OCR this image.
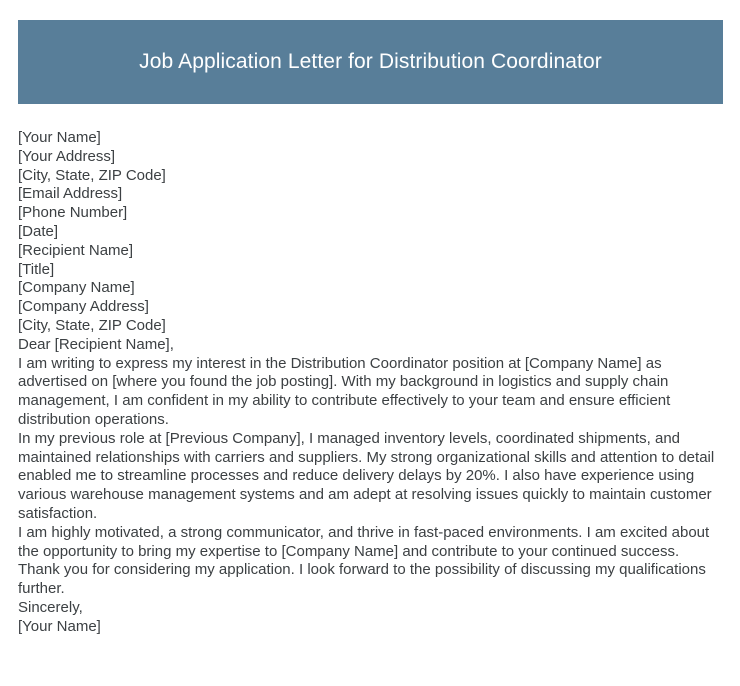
Job Application Letter for Distribution Coordinator

[Your Name]

[Your Address]

[City, State, ZIP Code]

[Email Address]

[Phone Number]

[Date]

[Recipient Name]

[Title]

[Company Name]

[Company Address]

[City, State, ZIP Code]

Dear [Recipient Name],

I am writing to express my interest in the Distribution Coordinator position at [Company Name] as advertised on [where you found the job posting]. With my background in logistics and supply chain management, I am confident in my ability to contribute effectively to your team and ensure efficient distribution operations.

In my previous role at [Previous Company], I managed inventory levels, coordinated shipments, and maintained relationships with carriers and suppliers. My strong organizational skills and attention to detail enabled me to streamline processes and reduce delivery delays by 20%. I also have experience using various warehouse management systems and am adept at resolving issues quickly to maintain customer satisfaction.

I am highly motivated, a strong communicator, and thrive in fast-paced environments. I am excited about the opportunity to bring my expertise to [Company Name] and contribute to your continued success.

Thank you for considering my application. I look forward to the possibility of discussing my qualifications further.

Sincerely,

[Your Name]
